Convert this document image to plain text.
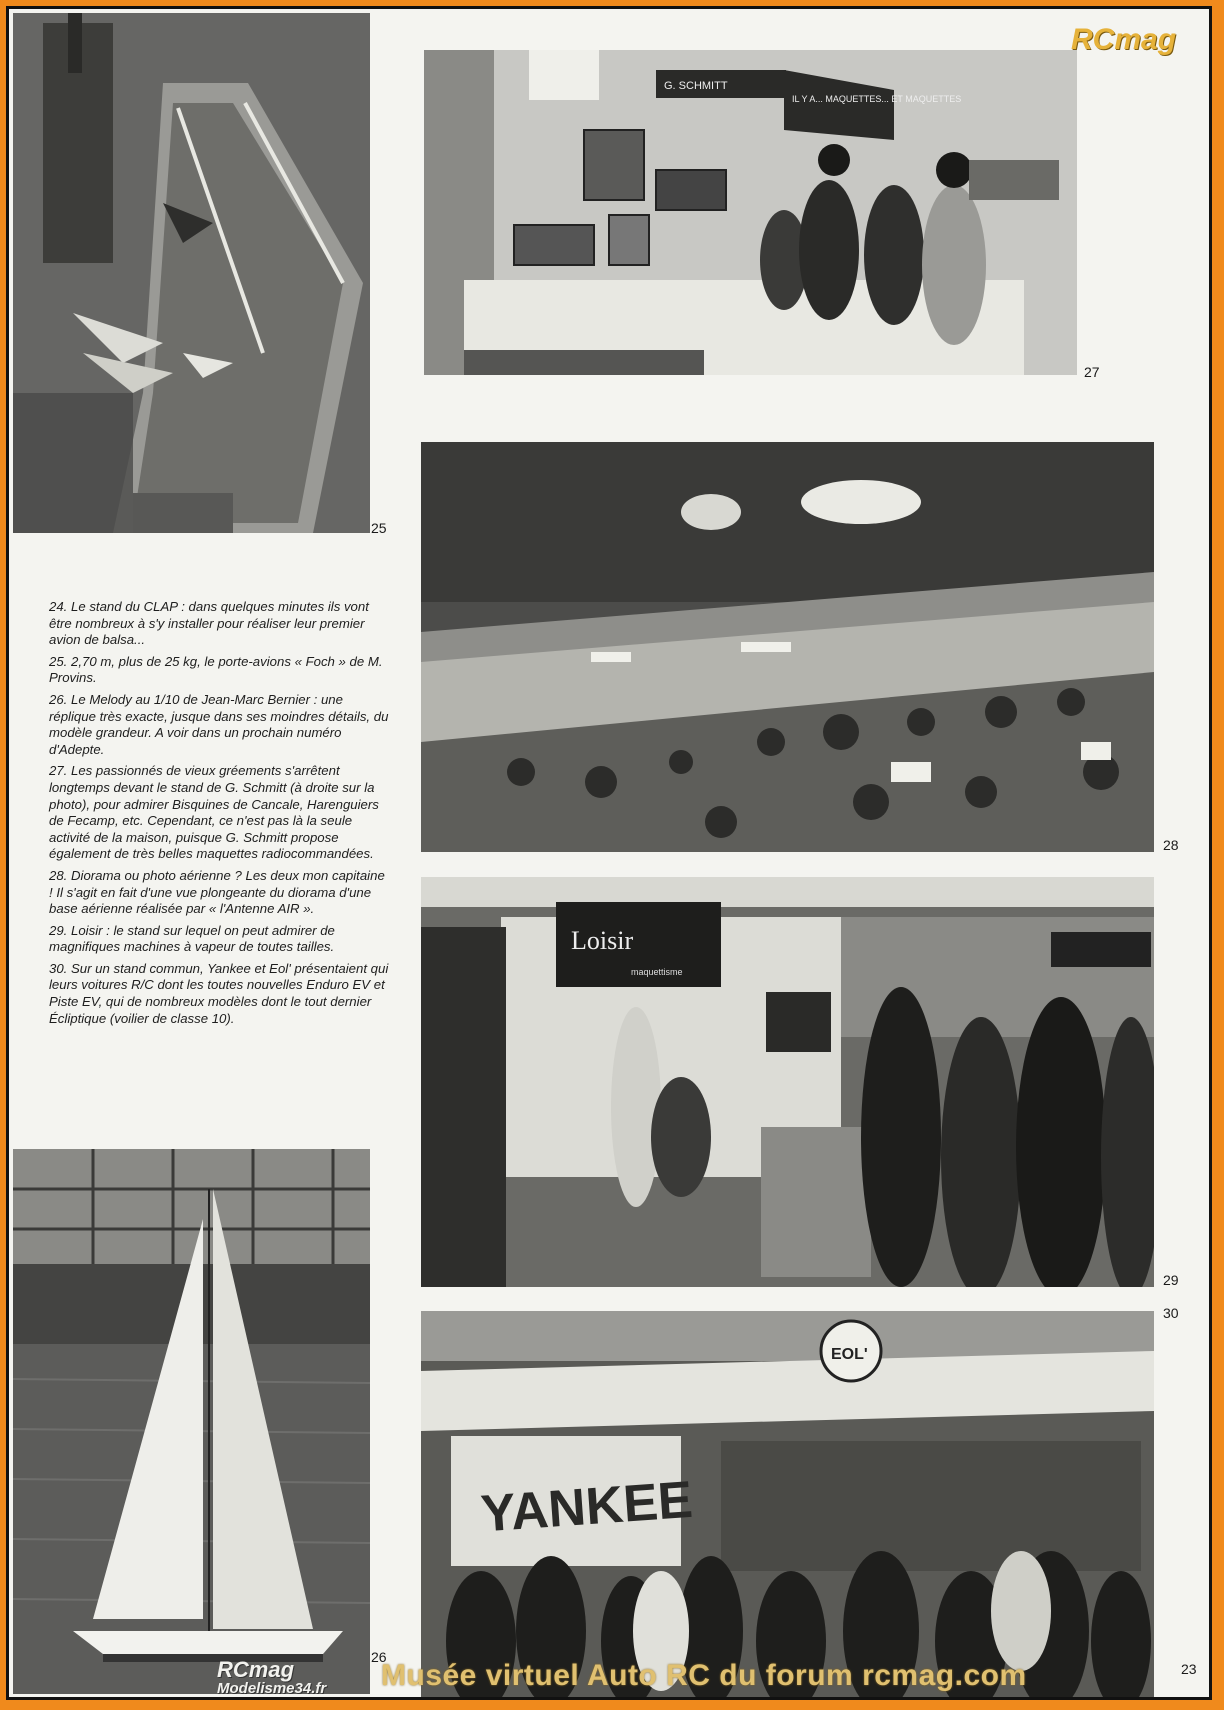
25

24. Le stand du CLAP : dans quelques minutes ils vont être nombreux à s'y installer pour réaliser leur premier avion de balsa...

25. 2,70 m, plus de 25 kg, le porte-avions « Foch » de M. Provins.

26. Le Melody au 1/10 de Jean-Marc Bernier : une réplique très exacte, jusque dans ses moindres détails, du modèle grandeur. A voir dans un prochain numéro d'Adepte.

27. Les passionnés de vieux gréements s'arrêtent longtemps devant le stand de G. Schmitt (à droite sur la photo), pour admirer Bisquines de Cancale, Harenguiers de Fecamp, etc. Cependant, ce n'est pas là la seule activité de la maison, puisque G. Schmitt propose également de très belles maquettes radiocommandées.

28. Diorama ou photo aérienne ? Les deux mon capitaine ! Il s'agit en fait d'une vue plongeante du diorama d'une base aérienne réalisée par « l'Antenne AIR ».

29. Loisir : le stand sur lequel on peut admirer de magnifiques machines à vapeur de toutes tailles.

30. Sur un stand commun, Yankee et Eol' présentaient qui leurs voitures R/C dont les toutes nouvelles Enduro EV et Piste EV, qui de nombreux modèles dont le tout dernier Écliptique (voilier de classe 10).

26
G. SCHMITT
IL Y A... MAQUETTES... ET MAQUETTES
27
28
Loisir
maquettisme
29
30
YANKEE
EOL'
23
RCmag
RCmag
Modelisme34.fr Musée virtuel Auto RC du forum rcmag.com
